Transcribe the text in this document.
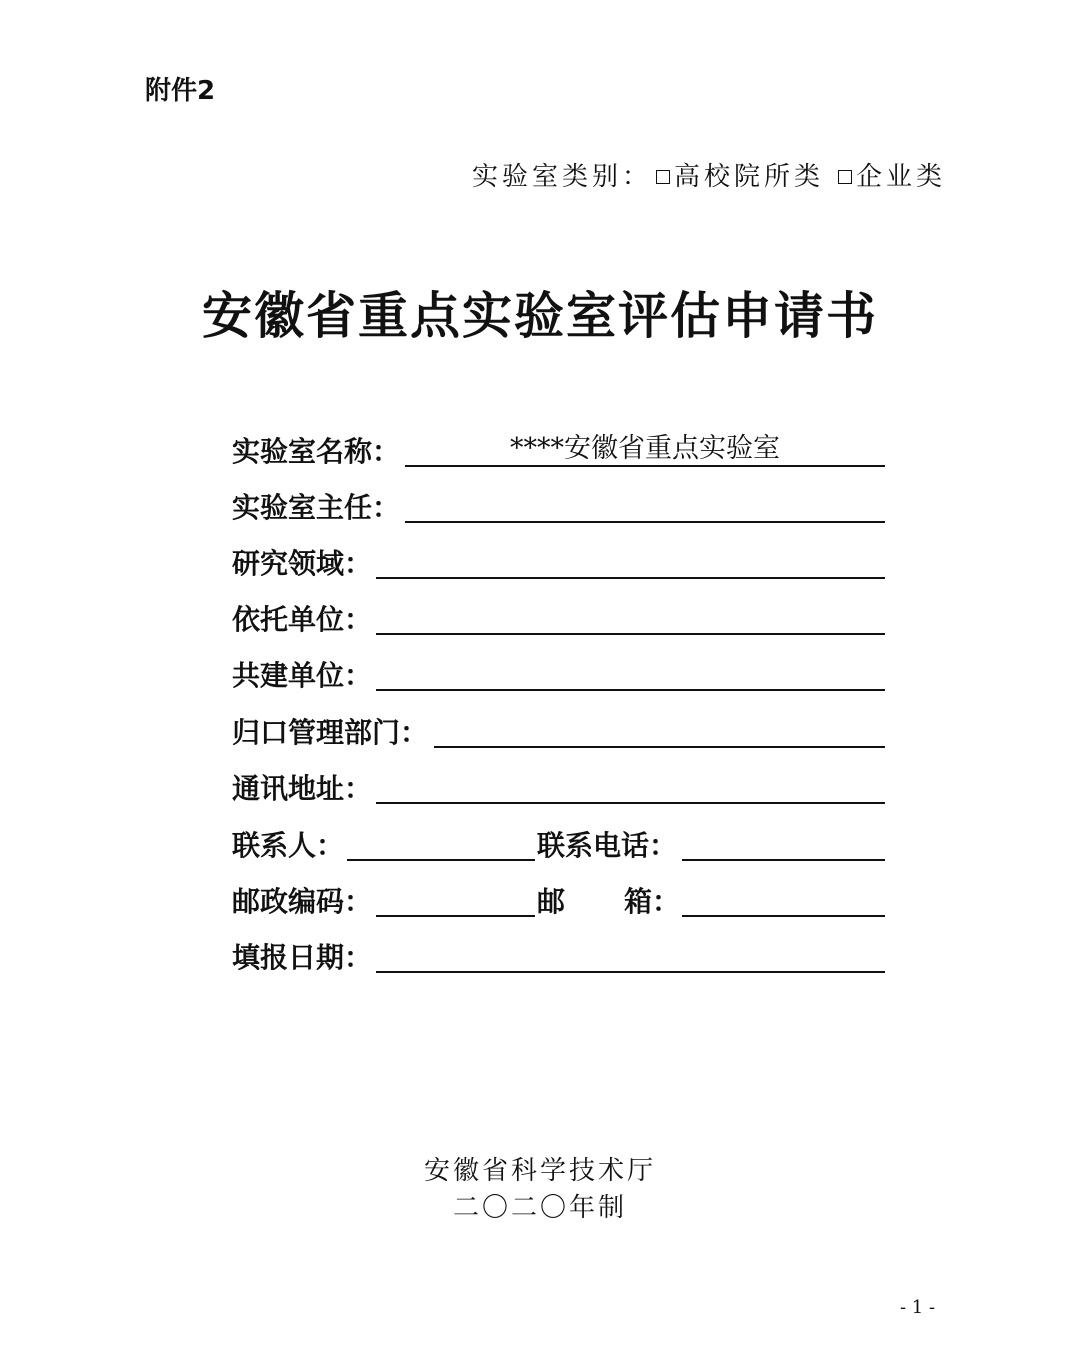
附件2
实验室类别： 高校院所类 企业类
安徽省重点实验室评估申请书
实验室名称：	****安徽省重点实验室
实验室主任：
研究领域：
依托单位：
共建单位：
归口管理部门：
通讯地址：
联系人：	联系电话：
邮政编码：	邮 箱：
填报日期：
安徽省科学技术厅
二〇二〇年制
- 1 -
